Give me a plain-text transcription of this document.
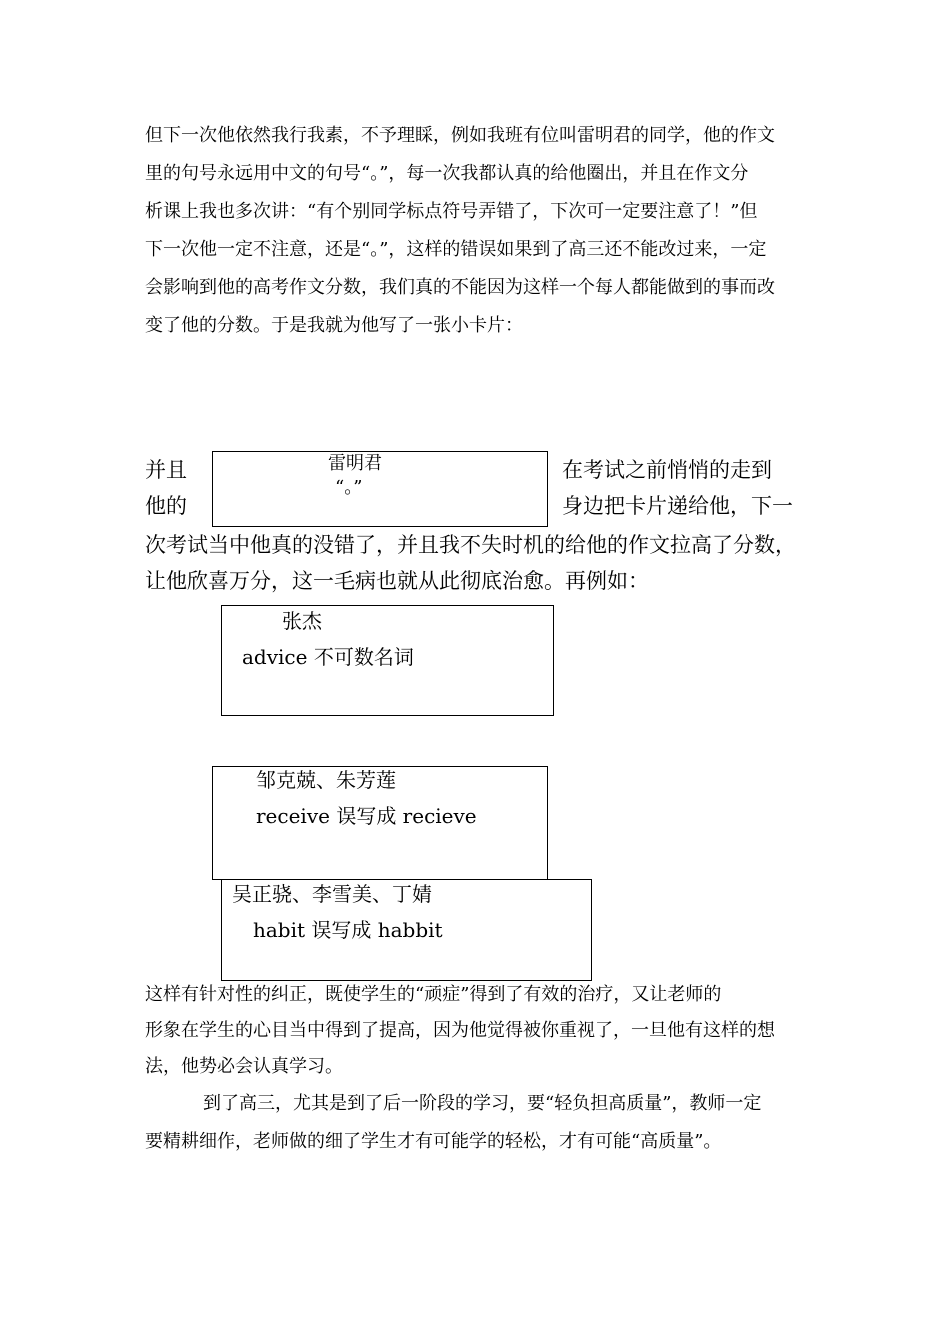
但下一次他依然我行我素，不予理睬，例如我班有位叫雷明君的同学，他的作文

里的句号永远用中文的句号“。”，每一次我都认真的给他圈出，并且在作文分

析课上我也多次讲：“有个别同学标点符号弄错了，下次可一定要注意了！”但

下一次他一定不注意，还是“。”，这样的错误如果到了高三还不能改过来，一定

会影响到他的高考作文分数，我们真的不能因为这样一个每人都能做到的事而改

变了他的分数。于是我就为他写了一张小卡片：

并且	在考试之前悄悄的走到

他的	身边把卡片递给他，下一

次考试当中他真的没错了，并且我不失时机的给他的作文拉高了分数，

让他欣喜万分，这一毛病也就从此彻底治愈。再例如：

雷明君
“。”
张杰
advice 不可数名词
邹克兢、朱芳莲
receive 误写成 recieve
吴正骁、李雪美、丁婧
habit 误写成 habbit

这样有针对性的纠正，既使学生的“顽症”得到了有效的治疗，又让老师的

形象在学生的心目当中得到了提高，因为他觉得被你重视了，一旦他有这样的想

法，他势必会认真学习。

到了高三，尤其是到了后一阶段的学习，要“轻负担高质量”，教师一定

要精耕细作，老师做的细了学生才有可能学的轻松，才有可能“高质量”。
